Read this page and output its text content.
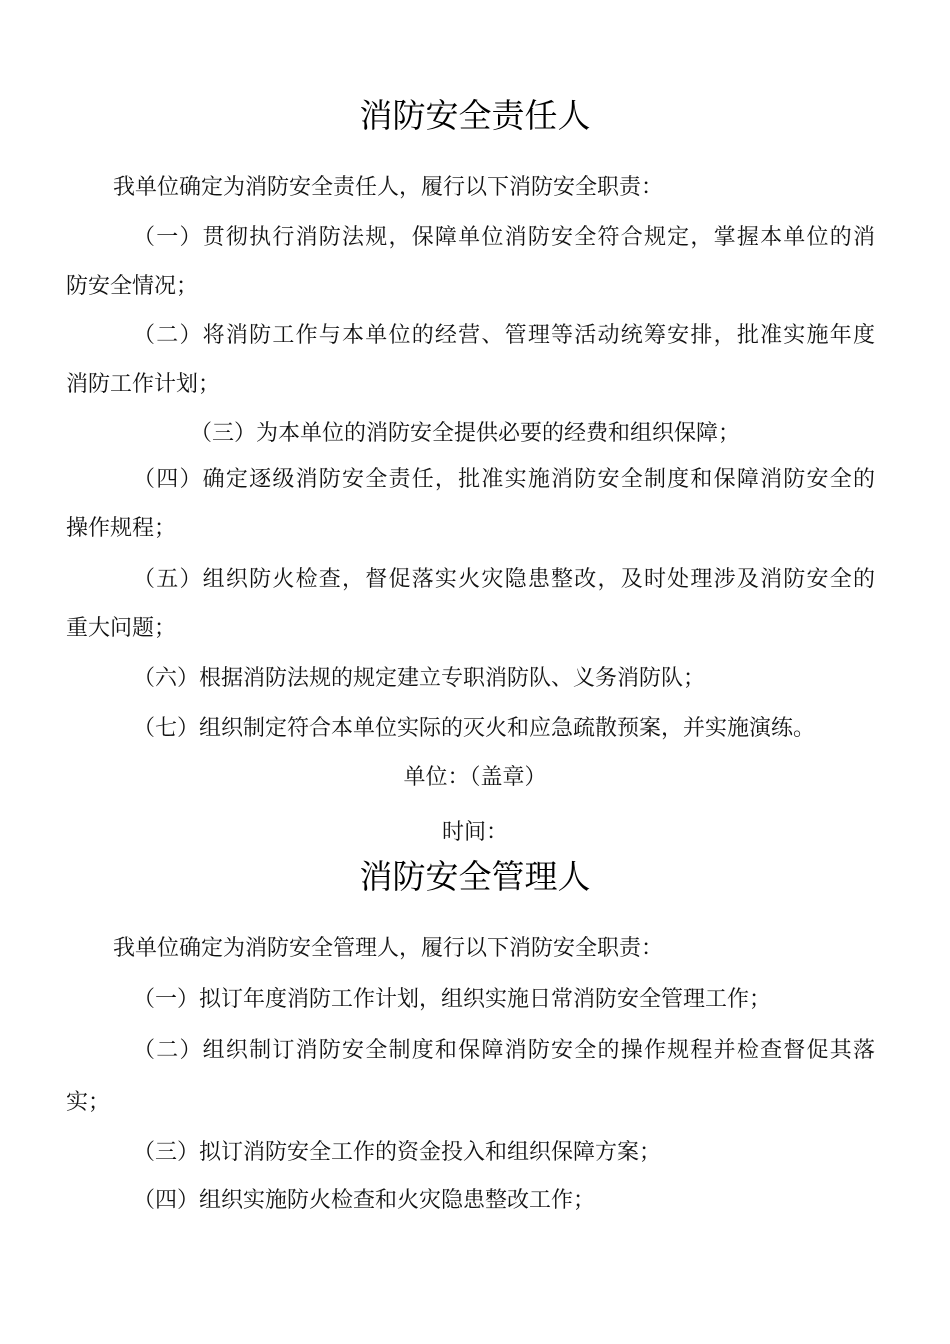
消防安全责任人

我单位确定为消防安全责任人，履行以下消防安全职责：

（一）贯彻执行消防法规，保障单位消防安全符合规定，掌握本单位的消

防安全情况；

（二）将消防工作与本单位的经营、管理等活动统筹安排，批准实施年度

消防工作计划；

（三）为本单位的消防安全提供必要的经费和组织保障；

（四）确定逐级消防安全责任，批准实施消防安全制度和保障消防安全的

操作规程；

（五）组织防火检查，督促落实火灾隐患整改，及时处理涉及消防安全的

重大问题；

（六）根据消防法规的规定建立专职消防队、义务消防队；

（七）组织制定符合本单位实际的灭火和应急疏散预案，并实施演练。

单位：（盖章）

时间：

消防安全管理人

我单位确定为消防安全管理人，履行以下消防安全职责：

（一）拟订年度消防工作计划，组织实施日常消防安全管理工作；

（二）组织制订消防安全制度和保障消防安全的操作规程并检查督促其落

实；

（三）拟订消防安全工作的资金投入和组织保障方案；

（四）组织实施防火检查和火灾隐患整改工作；
